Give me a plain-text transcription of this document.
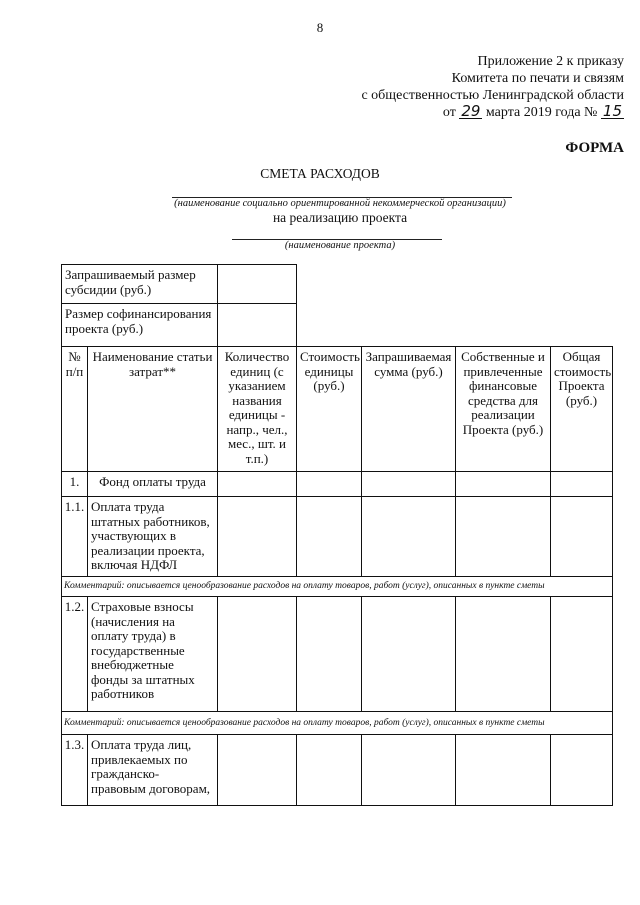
8
Приложение 2 к приказу
Комитета по печати и связям
с общественностью Ленинградской области
от 29 марта 2019 года № 15
ФОРМА
СМЕТА РАСХОДОВ
(наименование социально ориентированной некоммерческой организации)
на реализацию проекта
(наименование проекта)
Запрашиваемый размер субсидии (руб.)
Размер софинансирования проекта (руб.)
№ п/п
Наименование статьи затрат**
Количество единиц (с указанием названия единицы - напр., чел., мес., шт. и т.п.)
Стоимость единицы (руб.)
Запрашиваемая сумма (руб.)
Собственные и привлеченные финансовые средства для реализации Проекта (руб.)
Общая стоимость Проекта (руб.)
1.	Фонд оплаты труда
1.1. Оплата труда штатных работников, участвующих в реализации проекта, включая НДФЛ
Комментарий: описывается ценообразование расходов на оплату товаров, работ (услуг), описанных в пункте сметы
1.2. Страховые взносы (начисления на оплату труда) в государственные внебюджетные фонды за штатных работников
Комментарий: описывается ценообразование расходов на оплату товаров, работ (услуг), описанных в пункте сметы
1.3. Оплата труда лиц, привлекаемых по гражданско-правовым договорам,
